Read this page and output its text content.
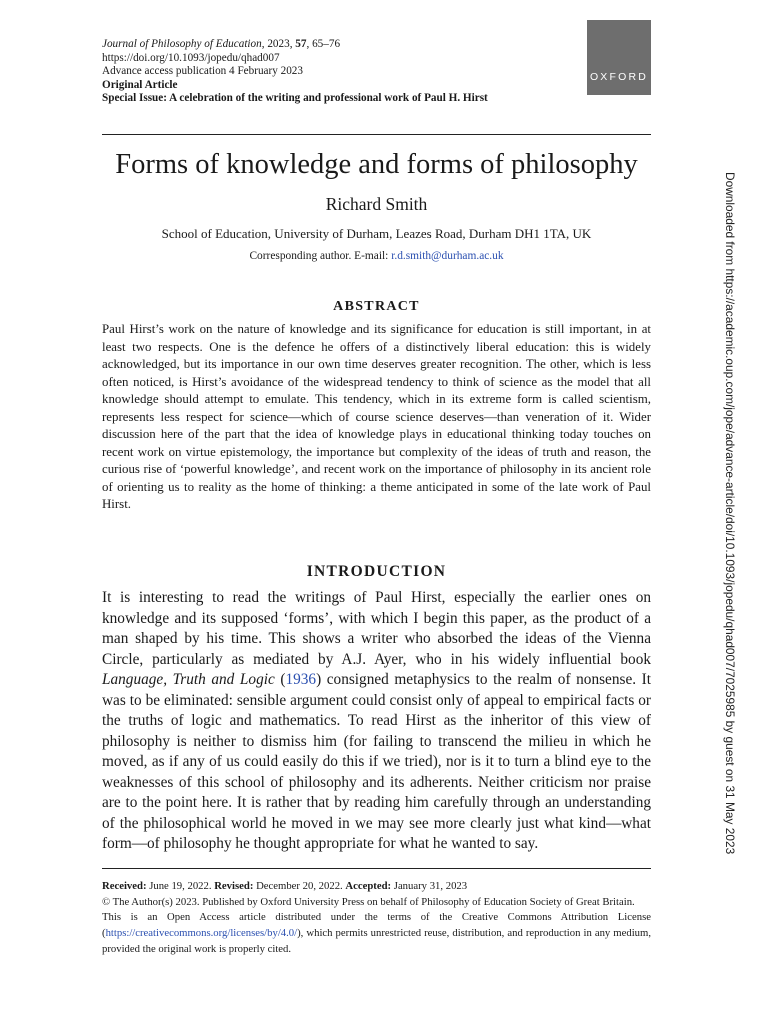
Journal of Philosophy of Education, 2023, 57, 65–76
https://doi.org/10.1093/jopedu/qhad007
Advance access publication 4 February 2023
Original Article
Special Issue: A celebration of the writing and professional work of Paul H. Hirst
OXFORD
Forms of knowledge and forms of philosophy
Richard Smith
School of Education, University of Durham, Leazes Road, Durham DH1 1TA, UK
Corresponding author. E-mail: r.d.smith@durham.ac.uk
ABSTRACT
Paul Hirst’s work on the nature of knowledge and its significance for education is still important, in at least two respects. One is the defence he offers of a distinctively liberal education: this is widely acknowledged, but its importance in our own time deserves greater recognition. The other, which is less often noticed, is Hirst’s avoidance of the widespread tendency to think of science as the model that all knowledge should attempt to emulate. This tendency, which in its extreme form is called scientism, represents less respect for science—which of course science deserves—than veneration of it. Wider discussion here of the part that the idea of knowledge plays in educational thinking today touches on recent work on virtue epistemology, the importance but complexity of the ideas of truth and reason, the curious rise of ‘powerful knowledge’, and recent work on the importance of philosophy in its ancient role of orienting us to reality as the home of thinking: a theme anticipated in some of the late work of Paul Hirst.
INTRODUCTION
It is interesting to read the writings of Paul Hirst, especially the earlier ones on knowledge and its supposed ‘forms’, with which I begin this paper, as the product of a man shaped by his time. This shows a writer who absorbed the ideas of the Vienna Circle, particularly as mediated by A.J. Ayer, who in his widely influential book Language, Truth and Logic (1936) consigned metaphysics to the realm of nonsense. It was to be eliminated: sensible argument could consist only of appeal to empirical facts or the truths of logic and mathematics. To read Hirst as the inheritor of this view of philosophy is neither to dismiss him (for failing to transcend the milieu in which he moved, as if any of us could easily do this if we tried), nor is it to turn a blind eye to the weaknesses of this school of philosophy and its adherents. Neither criticism nor praise are to the point here. It is rather that by reading him carefully through an understanding of the philosophical world he moved in we may see more clearly just what kind—what form—of philosophy he thought appropriate for what he wanted to say.
Received: June 19, 2022. Revised: December 20, 2022. Accepted: January 31, 2023
© The Author(s) 2023. Published by Oxford University Press on behalf of Philosophy of Education Society of Great Britain.
This is an Open Access article distributed under the terms of the Creative Commons Attribution License (https://creativecommons.org/licenses/by/4.0/), which permits unrestricted reuse, distribution, and reproduction in any medium, provided the original work is properly cited.
Downloaded from https://academic.oup.com/jope/advance-article/doi/10.1093/jopedu/qhad007/7025985 by guest on 31 May 2023
